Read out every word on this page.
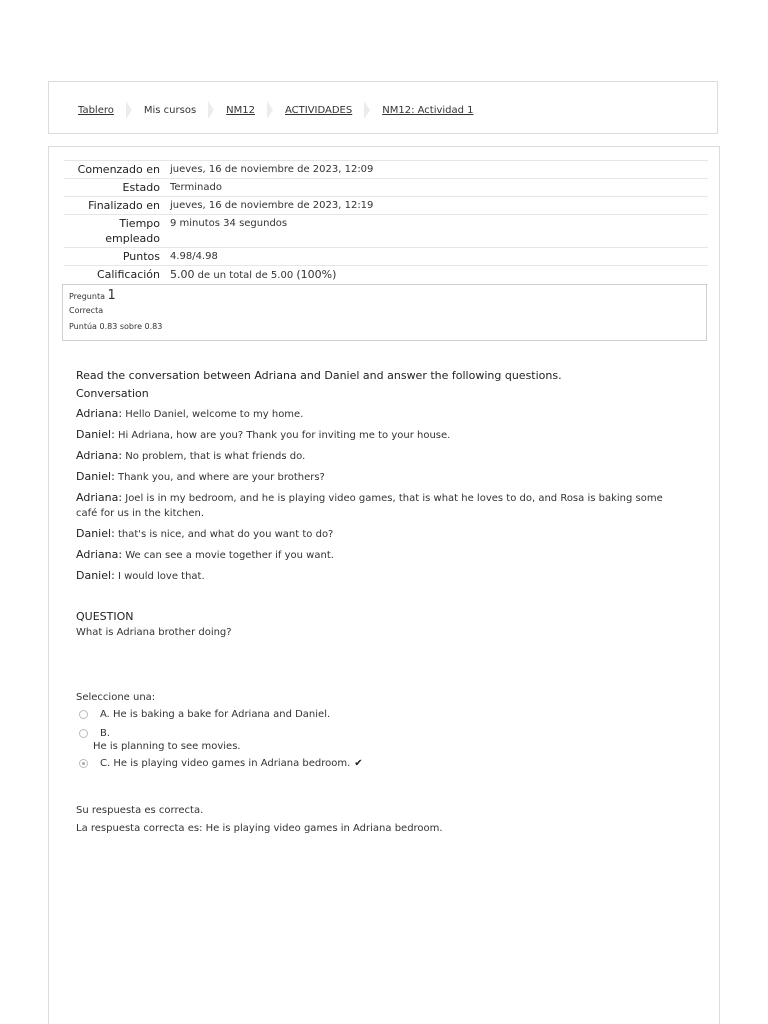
Tablero	Mis cursos	NM12	ACTIVIDADES	NM12: Actividad 1
Comenzado en	jueves, 16 de noviembre de 2023, 12:09
Estado	Terminado
Finalizado en	jueves, 16 de noviembre de 2023, 12:19
Tiempo
empleado	9 minutos 34 segundos
Puntos	4.98/4.98
Calificación	5.00 de un total de 5.00 (100%)
Pregunta 1
Correcta
Puntúa 0.83 sobre 0.83
Read the conversation between Adriana and Daniel and answer the following questions.
Conversation
Adriana: Hello Daniel, welcome to my home.
Daniel: Hi Adriana, how are you? Thank you for inviting me to your house.
Adriana: No problem, that is what friends do.
Daniel: Thank you, and where are your brothers?
Adriana: Joel is in my bedroom, and he is playing video games, that is what he loves to do, and Rosa is baking some café for us in the kitchen.
Daniel: that's is nice, and what do you want to do?
Adriana: We can see a movie together if you want.
Daniel: I would love that.
QUESTION
What is Adriana brother doing?
Seleccione una:
A. He is baking a bake for Adriana and Daniel.
B.
He is planning to see movies.
C. He is playing video games in Adriana bedroom. ✔
Su respuesta es correcta.
La respuesta correcta es: He is playing video games in Adriana bedroom.
